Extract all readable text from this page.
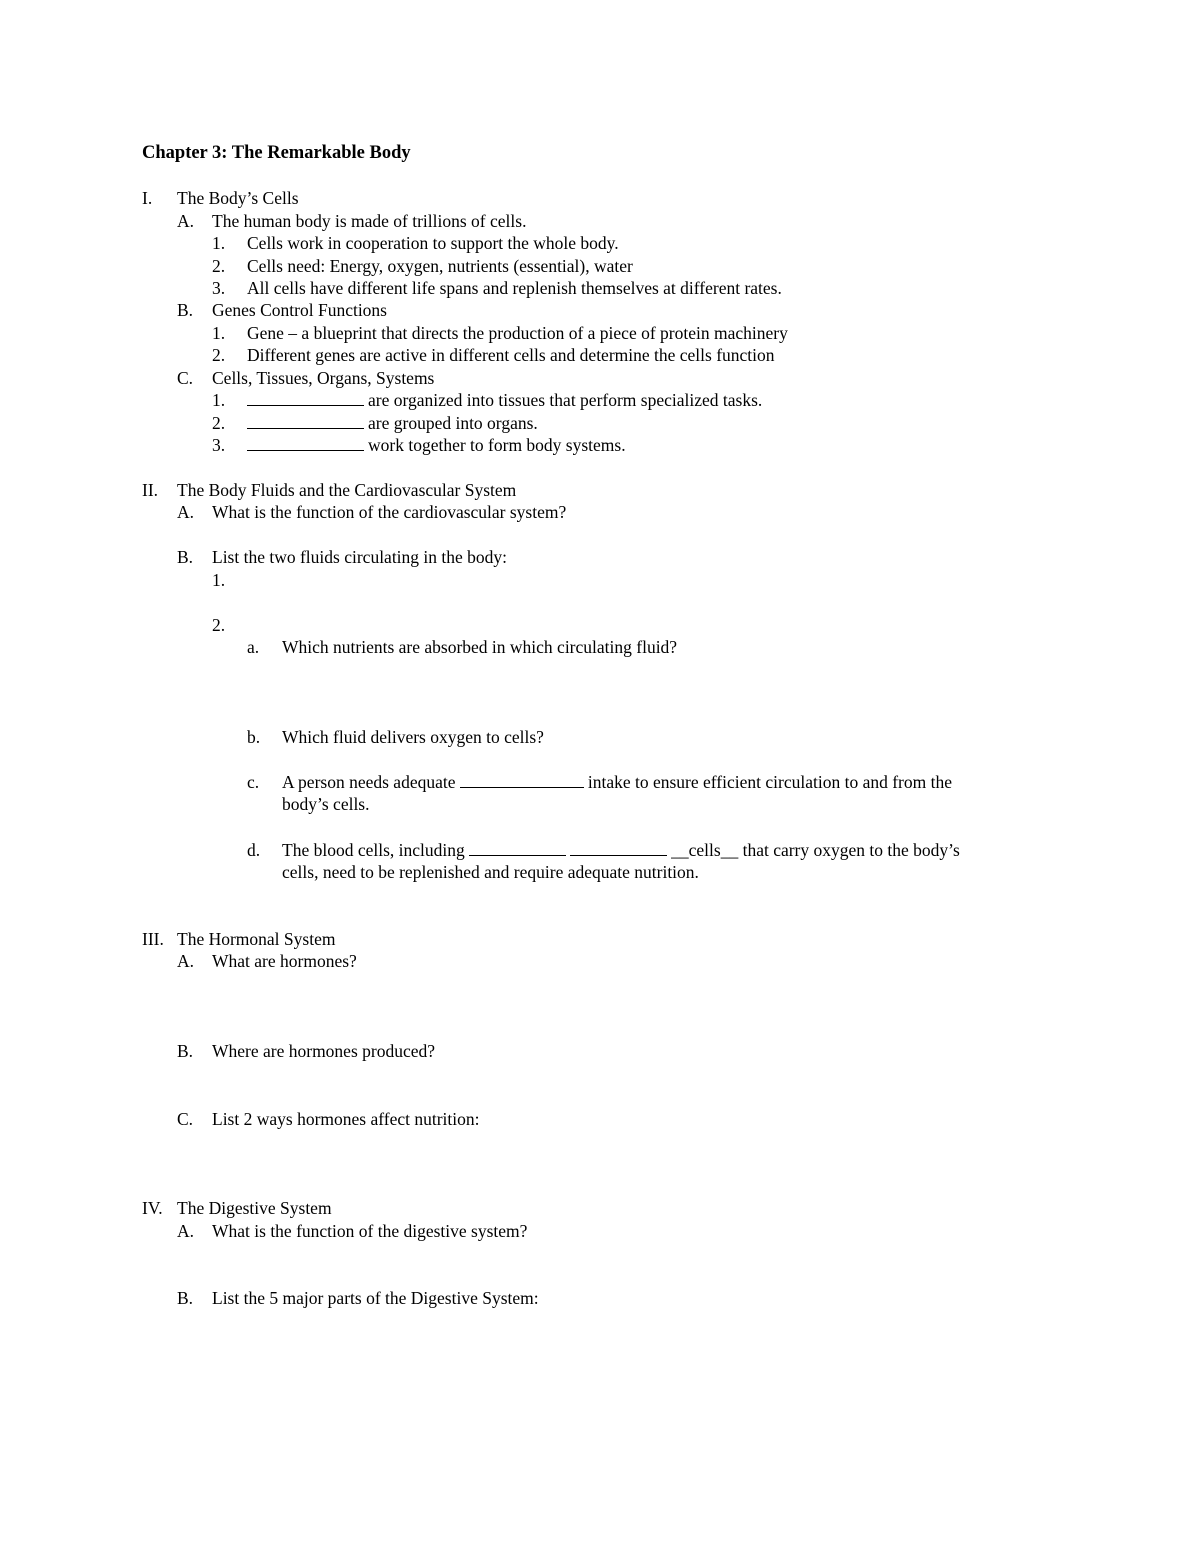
Chapter 3: The Remarkable Body
I. The Body’s Cells
A. The human body is made of trillions of cells.
1. Cells work in cooperation to support the whole body.
2. Cells need: Energy, oxygen, nutrients (essential), water
3. All cells have different life spans and replenish themselves at different rates.
B. Genes Control Functions
1. Gene – a blueprint that directs the production of a piece of protein machinery
2. Different genes are active in different cells and determine the cells function
C. Cells, Tissues, Organs, Systems
1.	are organized into tissues that perform specialized tasks.
2.	are grouped into organs.
3.	work together to form body systems.
II. The Body Fluids and the Cardiovascular System
A. What is the function of the cardiovascular system?
B. List the two fluids circulating in the body:
1.
2.
a. Which nutrients are absorbed in which circulating fluid?
b. Which fluid delivers oxygen to cells?
c. A person needs adequate	intake to ensure efficient circulation to and from the
body’s cells.
d. The blood cells, including	__cells__ that carry oxygen to the body’s
cells, need to be replenished and require adequate nutrition.
III. The Hormonal System
A. What are hormones?
B. Where are hormones produced?
C. List 2 ways hormones affect nutrition:
IV. The Digestive System
A. What is the function of the digestive system?
B. List the 5 major parts of the Digestive System:
